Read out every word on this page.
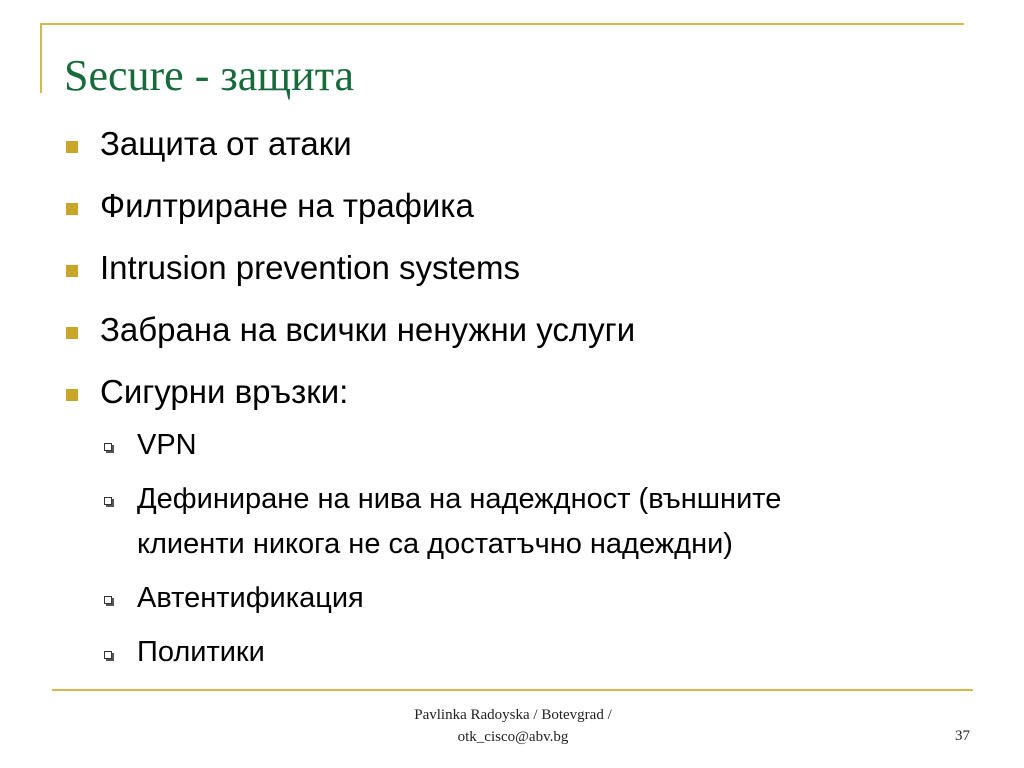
Secure - защита
Защита от атаки
Филтриране на трафика
Intrusion prevention systems
Забрана на всички ненужни услуги
Сигурни връзки:
VPN
Дефиниране на нива на надеждност (външните
клиенти никога не са достатъчно надеждни)
Автентификация
Политики
Pavlinka Radoyska / Botevgrad /
otk_cisco@abv.bg	37
